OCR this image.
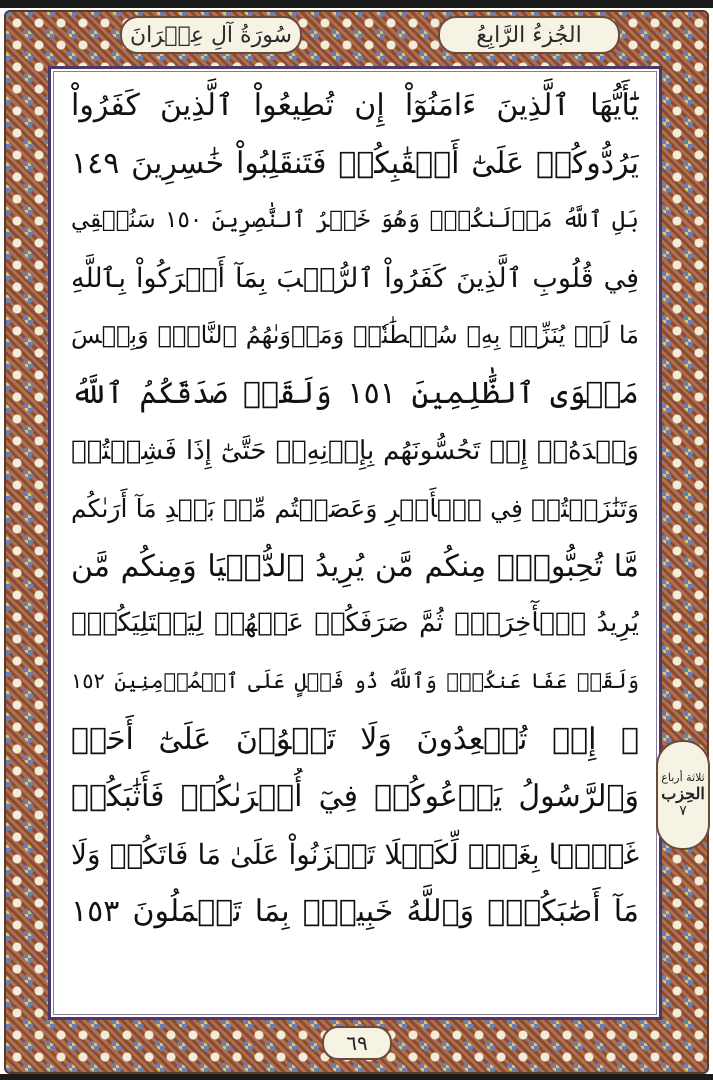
الجُزءُ الرَّابِعُ
سُورَةُ آلِ عِمۡرَانَ
يَٰٓأَيُّهَا ٱلَّذِينَ ءَامَنُوٓاْ إِن تُطِيعُواْ ٱلَّذِينَ كَفَرُواْ
يَرُدُّوكُمۡ عَلَىٰٓ أَعۡقَٰبِكُمۡ فَتَنقَلِبُواْ خَٰسِرِينَ ١٤٩
بَلِ ٱللَّهُ مَوۡلَىٰكُمۡۖ وَهُوَ خَيۡرُ ٱلنَّٰصِرِينَ ١٥٠ سَنُلۡقِي
فِي قُلُوبِ ٱلَّذِينَ كَفَرُواْ ٱلرُّعۡبَ بِمَآ أَشۡرَكُواْ بِٱللَّهِ
مَا لَمۡ يُنَزِّلۡ بِهِۦ سُلۡطَٰنٗاۖ وَمَأۡوَىٰهُمُ ٱلنَّارُۖ وَبِئۡسَ
مَثۡوَى ٱلظَّٰلِمِينَ ١٥١ وَلَقَدۡ صَدَقَكُمُ ٱللَّهُ
وَعۡدَهُۥٓ إِذۡ تَحُسُّونَهُم بِإِذۡنِهِۦۖ حَتَّىٰٓ إِذَا فَشِلۡتُمۡ
وَتَنَٰزَعۡتُمۡ فِي ٱلۡأَمۡرِ وَعَصَيۡتُم مِّنۢ بَعۡدِ مَآ أَرَىٰكُم
مَّا تُحِبُّونَۚ مِنكُم مَّن يُرِيدُ ٱلدُّنۡيَا وَمِنكُم مَّن
يُرِيدُ ٱلۡأٓخِرَةَۚ ثُمَّ صَرَفَكُمۡ عَنۡهُمۡ لِيَبۡتَلِيَكُمۡۖ
وَلَقَدۡ عَفَا عَنكُمۡۗ وَٱللَّهُ ذُو فَضۡلٍ عَلَى ٱلۡمُؤۡمِنِينَ ١٥٢
۞ إِذۡ تُصۡعِدُونَ وَلَا تَلۡوُۥنَ عَلَىٰٓ أَحَدٖ
وَٱلرَّسُولُ يَدۡعُوكُمۡ فِيٓ أُخۡرَىٰكُمۡ فَأَثَٰبَكُمۡ
غَمَّۢا بِغَمّٖ لِّكَيۡلَا تَحۡزَنُواْ عَلَىٰ مَا فَاتَكُمۡ وَلَا
مَآ أَصَٰبَكُمۡۗ وَٱللَّهُ خَبِيرُۢ بِمَا تَعۡمَلُونَ ١٥٣
ثلاثة أرباع
الحِزب
٧
٦٩
